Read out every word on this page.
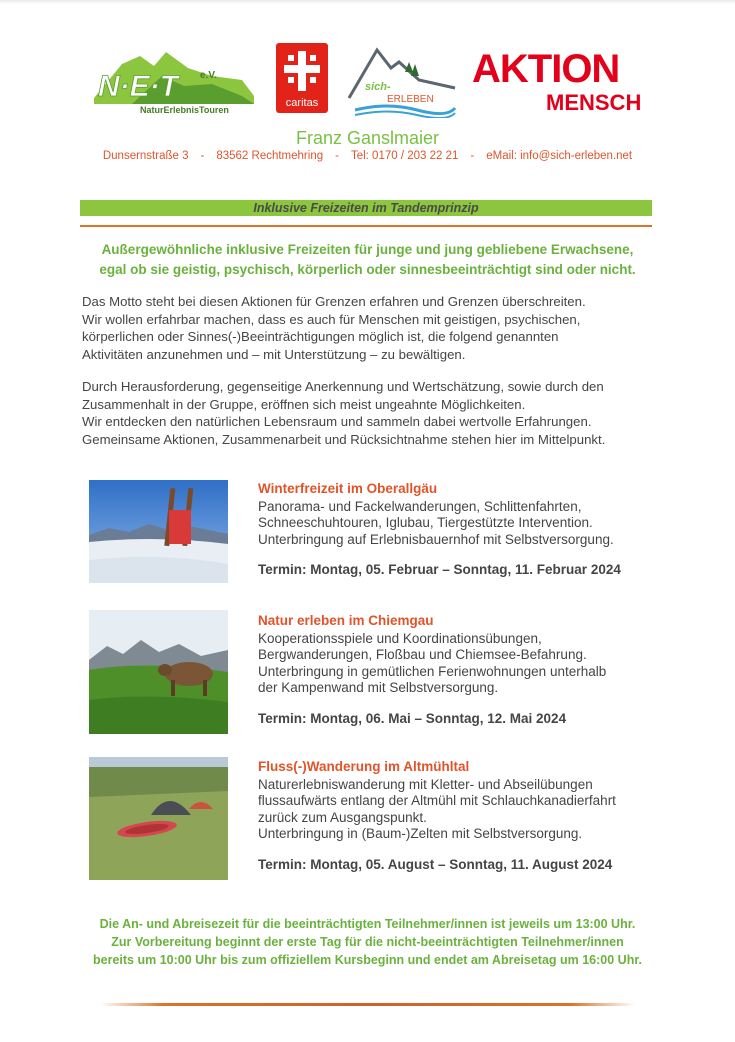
N·E·T e.V.
NaturErlebnisTouren
caritas
sich-
ERLEBEN
AKTION
MENSCH
Franz Ganslmaier
Dunsernstraße 3 - 83562 Rechtmehring - Tel: 0170 / 203 22 21 - eMail: info@sich-erleben.net
Inklusive Freizeiten im Tandemprinzip
Außergewöhnliche inklusive Freizeiten für junge und jung gebliebene Erwachsene,
egal ob sie geistig, psychisch, körperlich oder sinnesbeeinträchtigt sind oder nicht.
Das Motto steht bei diesen Aktionen für Grenzen erfahren und Grenzen überschreiten.
Wir wollen erfahrbar machen, dass es auch für Menschen mit geistigen, psychischen,
körperlichen oder Sinnes(-)Beeinträchtigungen möglich ist, die folgend genannten
Aktivitäten anzunehmen und – mit Unterstützung – zu bewältigen.
Durch Herausforderung, gegenseitige Anerkennung und Wertschätzung, sowie durch den
Zusammenhalt in der Gruppe, eröffnen sich meist ungeahnte Möglichkeiten.
Wir entdecken den natürlichen Lebensraum und sammeln dabei wertvolle Erfahrungen.
Gemeinsame Aktionen, Zusammenarbeit und Rücksichtnahme stehen hier im Mittelpunkt.
Winterfreizeit im Oberallgäu
Panorama- und Fackelwanderungen, Schlittenfahrten,
Schneeschuhtouren, Iglubau, Tiergestützte Intervention.
Unterbringung auf Erlebnisbauernhof mit Selbstversorgung.
Termin: Montag, 05. Februar – Sonntag, 11. Februar 2024
Natur erleben im Chiemgau
Kooperationsspiele und Koordinationsübungen,
Bergwanderungen, Floßbau und Chiemsee-Befahrung.
Unterbringung in gemütlichen Ferienwohnungen unterhalb
der Kampenwand mit Selbstversorgung.
Termin: Montag, 06. Mai – Sonntag, 12. Mai 2024
Fluss(-)Wanderung im Altmühltal
Naturerlebniswanderung mit Kletter- und Abseilübungen
flussaufwärts entlang der Altmühl mit Schlauchkanadierfahrt
zurück zum Ausgangspunkt.
Unterbringung in (Baum-)Zelten mit Selbstversorgung.
Termin: Montag, 05. August – Sonntag, 11. August 2024
Die An- und Abreisezeit für die beeinträchtigten Teilnehmer/innen ist jeweils um 13:00 Uhr.
Zur Vorbereitung beginnt der erste Tag für die nicht-beeinträchtigten Teilnehmer/innen
bereits um 10:00 Uhr bis zum offiziellem Kursbeginn und endet am Abreisetag um 16:00 Uhr.
